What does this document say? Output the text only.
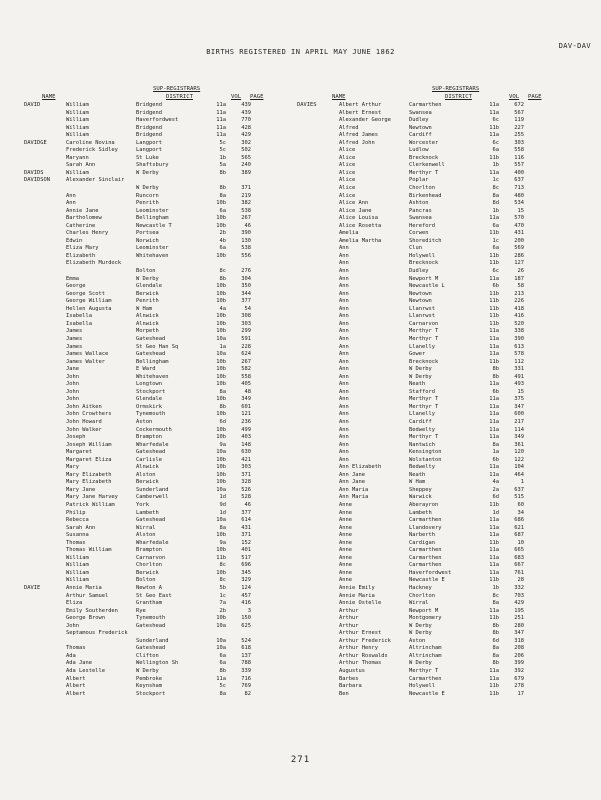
BIRTHS REGISTERED IN APRIL MAY JUNE 1862
DAV-DAV
NAME
SUP-REGISTRARS
DISTRICT	VOL PAGE	NAME
SUP-REGISTRARS
DISTRICT	VOL PAGE
DAVID	William	Bridgend	11a	439
William	Bridgend	11a	439
William	Haverfordwest	11a	770
William	Bridgend	11a	428
William	Bridgend	11a	429
DAVIDGE	Caroline Novina	Langport	5c	302
Frederick Sidley	Langport	5c	502
Maryann	St Luke	1b	565
Sarah Ann	Shaftsbury	5a	240
DAVIDS	William	W Derby	8b	389
DAVIDSON	Alexander Sinclair
W Derby	8b	371
Ann	Runcorn	8a	219
Ann	Penrith	10b	382
Annie Jane	Leominster	6a	538
Bartholomew	Bellingham	10b	267
Catherine	Newcastle T	10b	46
Charles Henry	Portsea	2b	390
Edwin	Norwich	4b	130
Eliza Mary	Leominster	6a	538
Elizabeth	Whitehaven	10b	556
Elizabeth Murdock
Bolton	8c	276
Emma	W Derby	8b	304
George	Glendale	10b	350
George Scott	Berwick	10b	344
George William	Penrith	10b	377
Hellen Augusta	W Ham	4a	54
Isabella	Alnwick	10b	308
Isabella	Alnwick	10b	303
James	Morpeth	10b	299
James	Gateshead	10a	591
James	St Geo Han Sq	1a	228
James Wallace	Gateshead	10a	624
James Walter	Bellingham	10b	267
Jane	E Ward	10b	582
John	Whitehaven	10b	558
John	Longtown	10b	405
John	Stockport	8a	48
John	Glendale	10b	349
John Aitken	Ormskirk	8b	601
John Crowthers	Tynemouth	10b	121
John Howard	Aston	6d	236
John Walker	Cockermouth	10b	499
Joseph	Brampton	10b	403
Joseph William	Wharfedale	9a	148
Margaret	Gateshead	10a	630
Margaret Eliza	Carlisle	10b	421
Mary	Alnwick	10b	303
Mary Elizabeth	Alston	10b	371
Mary Elizabeth	Berwick	10b	328
Mary Jane	Sunderland	10a	526
Mary Jane Harvey	Camberwell	1d	528
Patrick William	York	9d	46
Philip	Lambeth	1d	377
Rebecca	Gateshead	10a	614
Sarah Ann	Wirral	8a	431
Susanna	Alston	10b	371
Thomas	Wharfedale	9a	152
Thomas William	Brampton	10b	401
William	Carnarvon	11b	517
William	Chorlton	8c	696
William	Berwick	10b	345
William	Bolton	8c	329
DAVIE	Annie Maria	Newton A	5b	124
Arthur Samuel	St Geo East	1c	457
Eliza	Grantham	7a	416
Emily Southerden	Rye	2b	3
George Brown	Tynemouth	10b	150
John	Gateshead	10a	625
Septamous Frederick
Sunderland	10a	524
Thomas	Gateshead	10a	618
Ada	Clifton	6a	137
Ada Jane	Wellington Sh	6a	788
Ada Lestelle	W Derby	8b	339
Albert	Pembroke	11a	716
Albert	Keynsham	5c	769
Albert	Stockport	8a	82
DAVIES	Albert Arthur	Carmarthen	11a	672
Albert Ernest	Swansea	11a	567
Alexander George	Dudley	6c	119
Alfred	Newtown	11b	227
Alfred James	Cardiff	11a	255
Alfred John	Worcester	6c	303
Alice	Ludlow	6a	558
Alice	Brecknock	11b	116
Alice	Clerkenwell	1b	557
Alice	Merthyr T	11a	400
Alice	Poplar	1c	637
Alice	Chorlton	8c	713
Alice	Birkenhead	8a	480
Alice Ann	Ashton	8d	534
Alice Jane	Pancras	1b	15
Alice Louisa	Swansea	11a	570
Alice Rosetta	Hereford	6a	470
Amelia	Corwen	11b	431
Amelia Martha	Shoreditch	1c	200
Ann	Clun	6a	569
Ann	Holywell	11b	286
Ann	Brecknock	11b	127
Ann	Dudley	6c	26
Ann	Newport M	11a	187
Ann	Newcastle L	6b	58
Ann	Newtown	11b	213
Ann	Newtown	11b	226
Ann	Llanrwst	11b	418
Ann	Llanrwst	11b	416
Ann	Carnarvon	11b	520
Ann	Merthyr T	11a	338
Ann	Merthyr T	11a	390
Ann	Llanelly	11a	613
Ann	Gower	11a	578
Ann	Brecknock	11b	112
Ann	W Derby	8b	331
Ann	W Derby	8b	491
Ann	Neath	11a	493
Ann	Stafford	6b	15
Ann	Merthyr T	11a	375
Ann	Merthyr T	11a	347
Ann	Llanelly	11a	600
Ann	Cardiff	11a	217
Ann	Bedwelty	11a	114
Ann	Merthyr T	11a	349
Ann	Nantwich	8a	361
Ann	Kensington	1a	120
Ann	Wolstanton	6b	122
Ann Elizabeth	Bedwelty	11a	104
Ann Jane	Neath	11a	464
Ann Jane	W Ham	4a	1
Ann Maria	Sheppey	2a	637
Ann Maria	Warwick	6d	515
Anne	Aberayron	11b	60
Anne	Lambeth	1d	34
Anne	Carmarthen	11a	686
Anne	Llandovery	11a	621
Anne	Narberth	11a	687
Anne	Cardigan	11b	10
Anne	Carmarthen	11a	665
Anne	Carmarthen	11a	683
Anne	Carmarthen	11a	667
Anne	Haverfordwest	11a	761
Anne	Newcastle E	11b	28
Annie Emily	Hackney	1b	332
Annie Maria	Chorlton	8c	703
Annie Ostelle	Wirral	8a	429
Arthur	Newport M	11a	195
Arthur	Montgomery	11b	251
Arthur	W Derby	8b	280
Arthur Ernest	W Derby	8b	347
Arthur Frederick	Aston	6d	318
Arthur Henry	Altrincham	8a	208
Arthur Roswalds	Altrincham	8a	206
Arthur Thomas	W Derby	8b	399
Augustus	Merthyr T	11a	392
Barbes	Carmarthen	11a	679
Barbara	Holywell	11b	278
Ben	Newcastle E	11b	17
271
